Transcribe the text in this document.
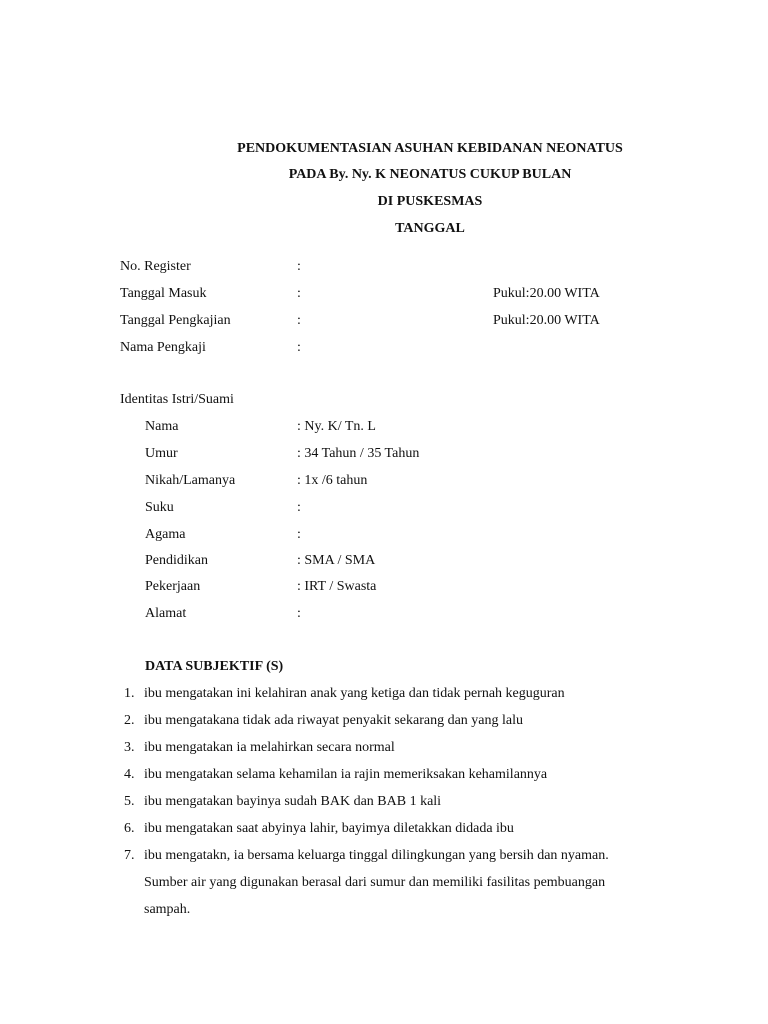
PENDOKUMENTASIAN ASUHAN KEBIDANAN NEONATUS
PADA By. Ny. K NEONATUS CUKUP BULAN
DI PUSKESMAS
TANGGAL
No. Register	:
Tanggal Masuk	:	Pukul:20.00 WITA
Tanggal Pengkajian	:	Pukul:20.00 WITA
Nama Pengkaji	:
Identitas Istri/Suami
Nama	: Ny. K/ Tn. L
Umur	: 34 Tahun / 35 Tahun
Nikah/Lamanya	: 1x /6 tahun
Suku	:
Agama	:
Pendidikan	: SMA / SMA
Pekerjaan	: IRT / Swasta
Alamat	:
DATA SUBJEKTIF (S)
1. ibu mengatakan ini kelahiran anak yang ketiga dan tidak pernah keguguran
2. ibu mengatakana tidak ada riwayat penyakit sekarang dan yang lalu
3. ibu mengatakan ia melahirkan secara normal
4. ibu mengatakan selama kehamilan ia rajin memeriksakan kehamilannya
5. ibu mengatakan bayinya sudah BAK dan BAB 1 kali
6. ibu mengatakan saat abyinya lahir, bayimya diletakkan didada ibu
7. ibu mengatakn, ia bersama keluarga tinggal dilingkungan yang bersih dan nyaman. Sumber air yang digunakan berasal dari sumur dan memiliki fasilitas pembuangan sampah.
